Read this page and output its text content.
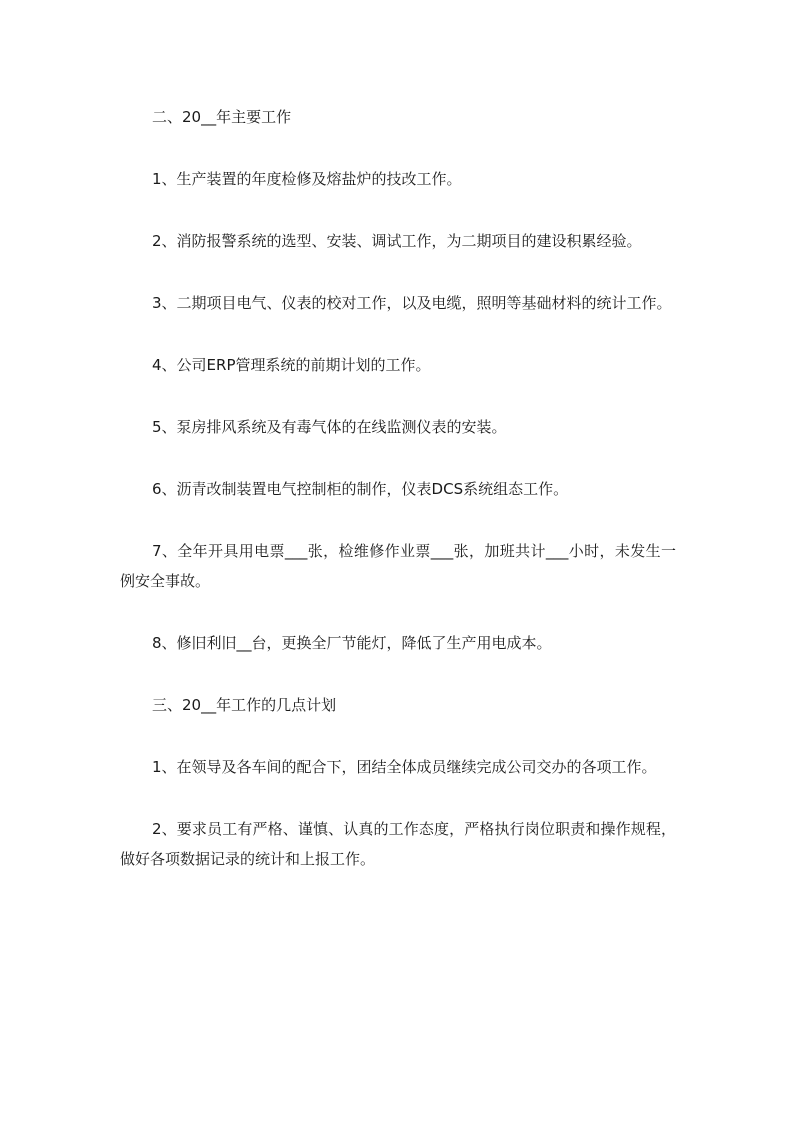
二、20__年主要工作

1、生产装置的年度检修及熔盐炉的技改工作。

2、消防报警系统的选型、安装、调试工作，为二期项目的建设积累经验。

3、二期项目电气、仪表的校对工作，以及电缆，照明等基础材料的统计工作。

4、公司ERP管理系统的前期计划的工作。

5、泵房排风系统及有毒气体的在线监测仪表的安装。

6、沥青改制装置电气控制柜的制作，仪表DCS系统组态工作。

7、全年开具用电票___张，检维修作业票___张，加班共计___小时，未发生一例安全事故。

8、修旧利旧__台，更换全厂节能灯，降低了生产用电成本。

三、20__年工作的几点计划

1、在领导及各车间的配合下，团结全体成员继续完成公司交办的各项工作。

2、要求员工有严格、谨慎、认真的工作态度，严格执行岗位职责和操作规程，做好各项数据记录的统计和上报工作。
